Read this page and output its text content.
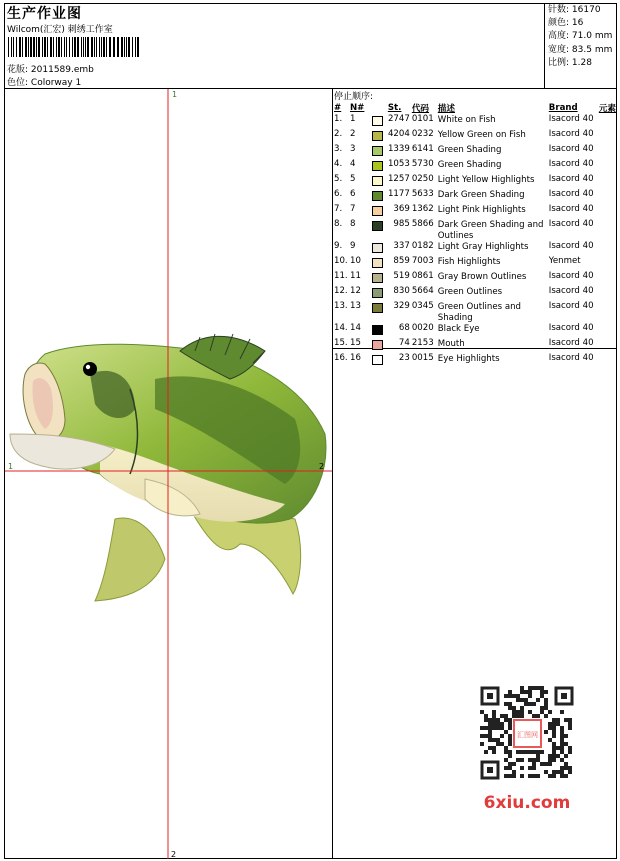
生产作业图
Wilcom(汇宏) 刺绣工作室
花版: 2011589.emb
色位: Colorway 1
针数: 16170
颜色: 16
高度: 71.0 mm
宽度: 83.5 mm
比例: 1.28
1
2
1	2
停止顺序:
#	N#		St.	代码	描述	Brand	元素
1.	1		2747	0101	White on Fish	Isacord 40	
2.	2		4204	0232	Yellow Green on Fish	Isacord 40	
3.	3		1339	6141	Green Shading	Isacord 40	
4.	4		1053	5730	Green Shading	Isacord 40	
5.	5		1257	0250	Light Yellow Highlights	Isacord 40	
6.	6		1177	5633	Dark Green Shading	Isacord 40	
7.	7		369	1362	Light Pink Highlights	Isacord 40	
8.	8		985	5866	Dark Green Shading and Outlines	Isacord 40	
9.	9		337	0182	Light Gray Highlights	Isacord 40	
10.	10		859	7003	Fish Highlights	Yenmet	
11.	11		519	0861	Gray Brown Outlines	Isacord 40	
12.	12		830	5664	Green Outlines	Isacord 40	
13.	13		329	0345	Green Outlines and Shading	Isacord 40	
14.	14		68	0020	Black Eye	Isacord 40	
15.	15		74	2153	Mouth	Isacord 40	
16.	16		23	0015	Eye Highlights	Isacord 40	
汇图网
6xiu.com
